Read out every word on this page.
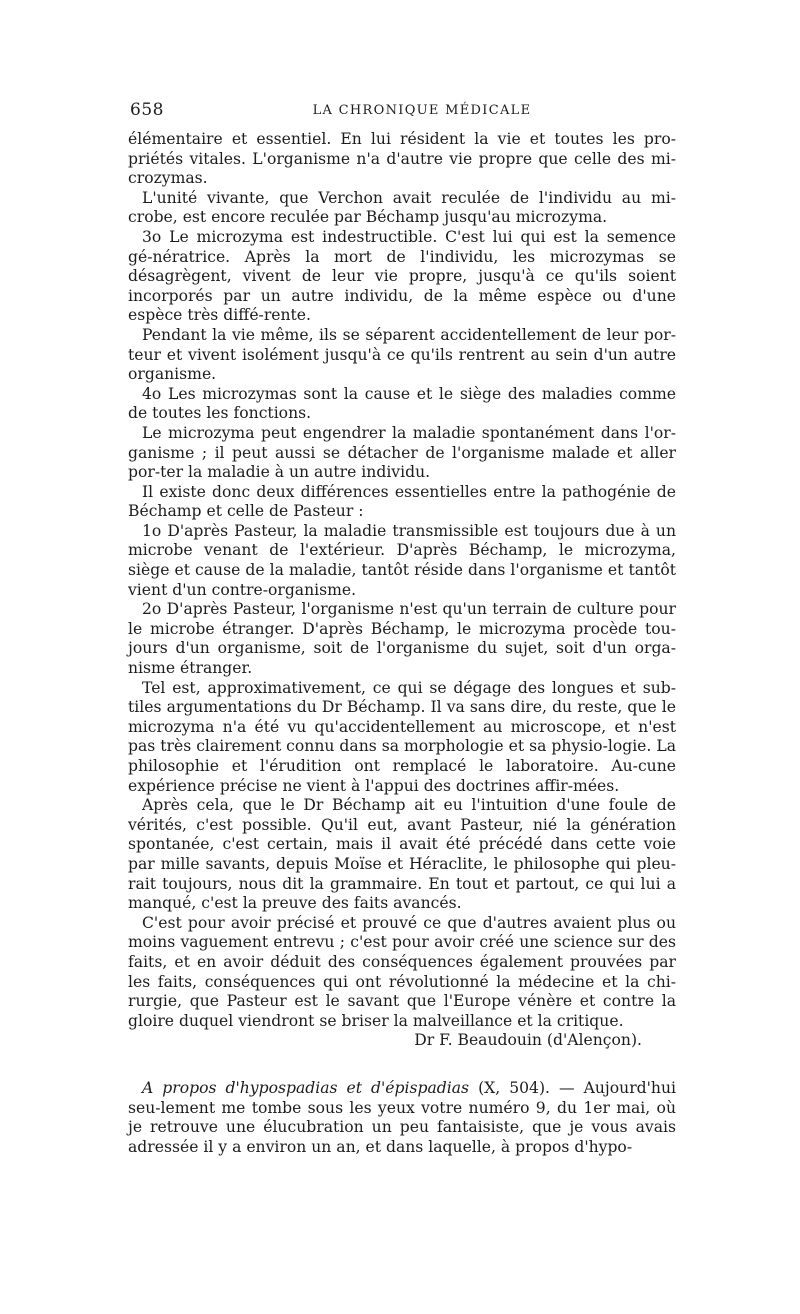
658	LA CHRONIQUE MÉDICALE

élémentaire et essentiel. En lui résident la vie et toutes les pro-priétés vitales. L'organisme n'a d'autre vie propre que celle des mi-crozymas.

L'unité vivante, que Verchon avait reculée de l'individu au mi-crobe, est encore reculée par Béchamp jusqu'au microzyma.

3o Le microzyma est indestructible. C'est lui qui est la semence gé-nératrice. Après la mort de l'individu, les microzymas se désagrègent, vivent de leur vie propre, jusqu'à ce qu'ils soient incorporés par un autre individu, de la même espèce ou d'une espèce très diffé-rente.

Pendant la vie même, ils se séparent accidentellement de leur por-teur et vivent isolément jusqu'à ce qu'ils rentrent au sein d'un autre organisme.

4o Les microzymas sont la cause et le siège des maladies comme de toutes les fonctions.

Le microzyma peut engendrer la maladie spontanément dans l'or-ganisme ; il peut aussi se détacher de l'organisme malade et aller por-ter la maladie à un autre individu.

Il existe donc deux différences essentielles entre la pathogénie de Béchamp et celle de Pasteur :

1o D'après Pasteur, la maladie transmissible est toujours due à un microbe venant de l'extérieur. D'après Béchamp, le microzyma, siège et cause de la maladie, tantôt réside dans l'organisme et tantôt vient d'un contre-organisme.

2o D'après Pasteur, l'organisme n'est qu'un terrain de culture pour le microbe étranger. D'après Béchamp, le microzyma procède tou-jours d'un organisme, soit de l'organisme du sujet, soit d'un orga-nisme étranger.

Tel est, approximativement, ce qui se dégage des longues et sub-tiles argumentations du Dr Béchamp. Il va sans dire, du reste, que le microzyma n'a été vu qu'accidentellement au microscope, et n'est pas très clairement connu dans sa morphologie et sa physio-logie. La philosophie et l'érudition ont remplacé le laboratoire. Au-cune expérience précise ne vient à l'appui des doctrines affir-mées.

Après cela, que le Dr Béchamp ait eu l'intuition d'une foule de vérités, c'est possible. Qu'il eut, avant Pasteur, nié la génération spontanée, c'est certain, mais il avait été précédé dans cette voie par mille savants, depuis Moïse et Héraclite, le philosophe qui pleu-rait toujours, nous dit la grammaire. En tout et partout, ce qui lui a manqué, c'est la preuve des faits avancés.

C'est pour avoir précisé et prouvé ce que d'autres avaient plus ou moins vaguement entrevu ; c'est pour avoir créé une science sur des faits, et en avoir déduit des conséquences également prouvées par les faits, conséquences qui ont révolutionné la médecine et la chi-rurgie, que Pasteur est le savant que l'Europe vénère et contre la gloire duquel viendront se briser la malveillance et la critique.

Dr F. Beaudouin (d'Alençon).

A propos d'hypospadias et d'épispadias (X, 504). — Aujourd'hui seu-lement me tombe sous les yeux votre numéro 9, du 1er mai, où je retrouve une élucubration un peu fantaisiste, que je vous avais adressée il y a environ un an, et dans laquelle, à propos d'hypo-
